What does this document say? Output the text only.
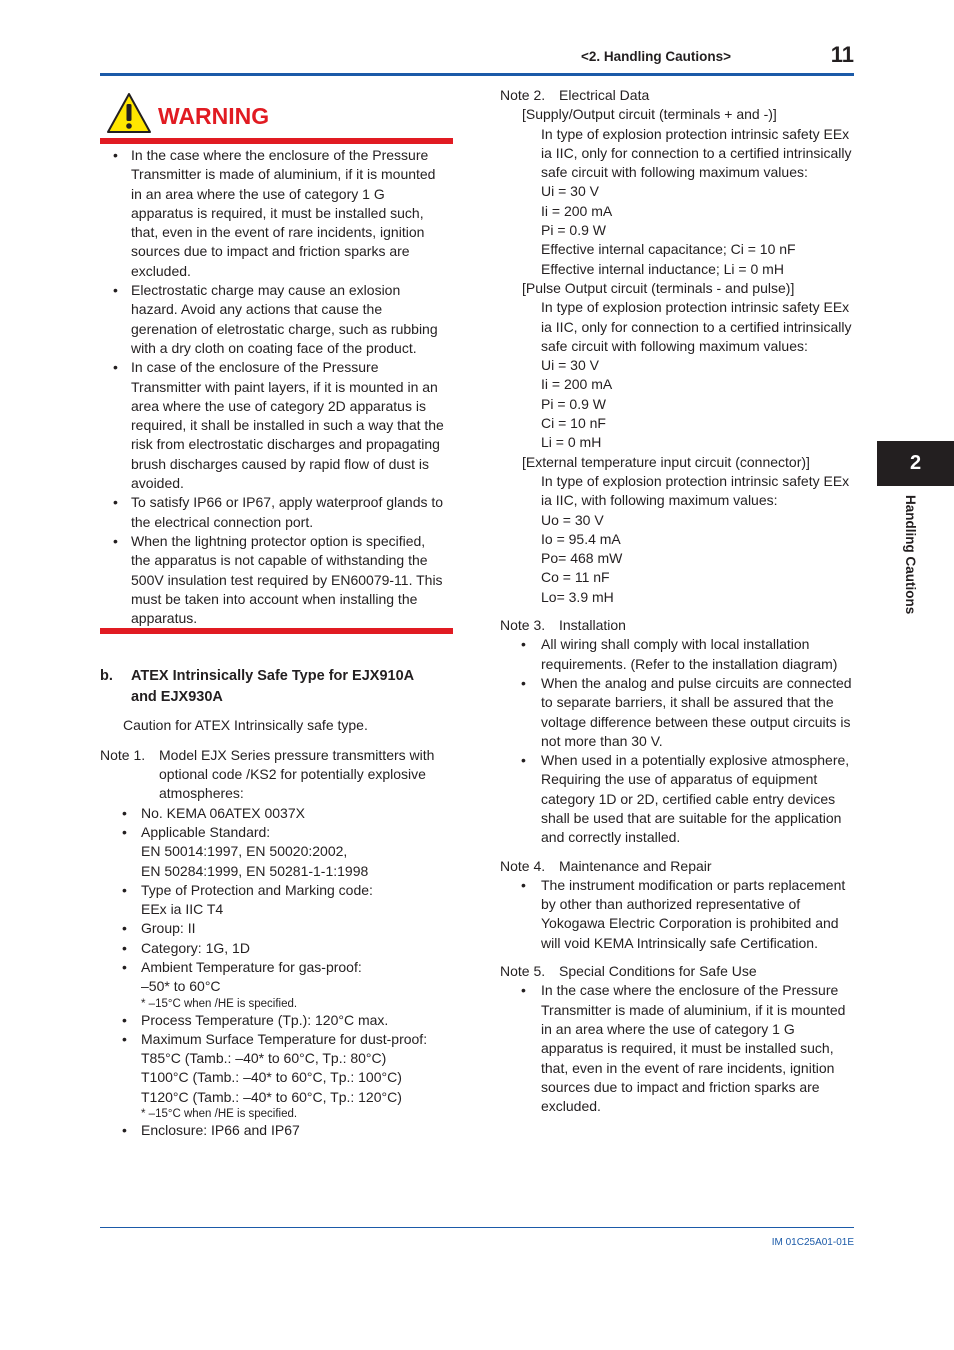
<2. Handling Cautions>	11
2
Handling Cautions
WARNING
• In the case where the enclosure of the Pressure
Transmitter is made of aluminium, if it is mounted
in an area where the use of category 1 G
apparatus is required, it must be installed such,
that, even in the event of rare incidents, ignition
sources due to impact and friction sparks are
excluded.
• Electrostatic charge may cause an exlosion
hazard. Avoid any actions that cause the
gerenation of eletrostatic charge, such as rubbing
with a dry cloth on coating face of the product.
• In case of the enclosure of the Pressure
Transmitter with paint layers, if it is mounted in an
area where the use of category 2D apparatus is
required, it shall be installed in such a way that the
risk from electrostatic discharges and propagating
brush discharges caused by rapid flow of dust is
avoided.
• To satisfy IP66 or IP67, apply waterproof glands to
the electrical connection port.
• When the lightning protector option is specified,
the apparatus is not capable of withstanding the
500V insulation test required by EN60079-11. This
must be taken into account when installing the
apparatus.
b. ATEX Intrinsically Safe Type for EJX910A
and EJX930A
Caution for ATEX Intrinsically safe type.
Note 1. Model EJX Series pressure transmitters with
optional code /KS2 for potentially explosive
atmospheres:
• No. KEMA 06ATEX 0037X
• Applicable Standard:
EN 50014:1997, EN 50020:2002,
EN 50284:1999, EN 50281-1-1:1998
• Type of Protection and Marking code:
EEx ia IIC T4
• Group: II
• Category: 1G, 1D
• Ambient Temperature for gas-proof:
–50* to 60°C
* –15°C when /HE is specified.
• Process Temperature (Tp.): 120°C max.
• Maximum Surface Temperature for dust-proof:
T85°C (Tamb.: –40* to 60°C, Tp.: 80°C)
T100°C (Tamb.: –40* to 60°C, Tp.: 100°C)
T120°C (Tamb.: –40* to 60°C, Tp.: 120°C)
* –15°C when /HE is specified.
• Enclosure: IP66 and IP67
Note 2. Electrical Data
[Supply/Output circuit (terminals + and -)]
In type of explosion protection intrinsic safety EEx
ia IIC, only for connection to a certified intrinsically
safe circuit with following maximum values:
Ui = 30 V
Ii = 200 mA
Pi = 0.9 W
Effective internal capacitance; Ci = 10 nF
Effective internal inductance; Li = 0 mH
[Pulse Output circuit (terminals - and pulse)]
In type of explosion protection intrinsic safety EEx
ia IIC, only for connection to a certified intrinsically
safe circuit with following maximum values:
Ui = 30 V
Ii = 200 mA
Pi = 0.9 W
Ci = 10 nF
Li = 0 mH
[External temperature input circuit (connector)]
In type of explosion protection intrinsic safety EEx
ia IIC, with following maximum values:
Uo = 30 V
Io = 95.4 mA
Po= 468 mW
Co = 11 nF
Lo= 3.9 mH
Note 3. Installation
• All wiring shall comply with local installation
requirements. (Refer to the installation diagram)
• When the analog and pulse circuits are connected
to separate barriers, it shall be assured that the
voltage difference between these output circuits is
not more than 30 V.
• When used in a potentially explosive atmosphere,
Requiring the use of apparatus of equipment
category 1D or 2D, certified cable entry devices
shall be used that are suitable for the application
and correctly installed.
Note 4. Maintenance and Repair
• The instrument modification or parts replacement
by other than authorized representative of
Yokogawa Electric Corporation is prohibited and
will void KEMA Intrinsically safe Certification.
Note 5. Special Conditions for Safe Use
• In the case where the enclosure of the Pressure
Transmitter is made of aluminium, if it is mounted
in an area where the use of category 1 G
apparatus is required, it must be installed such,
that, even in the event of rare incidents, ignition
sources due to impact and friction sparks are
excluded.
IM 01C25A01-01E
